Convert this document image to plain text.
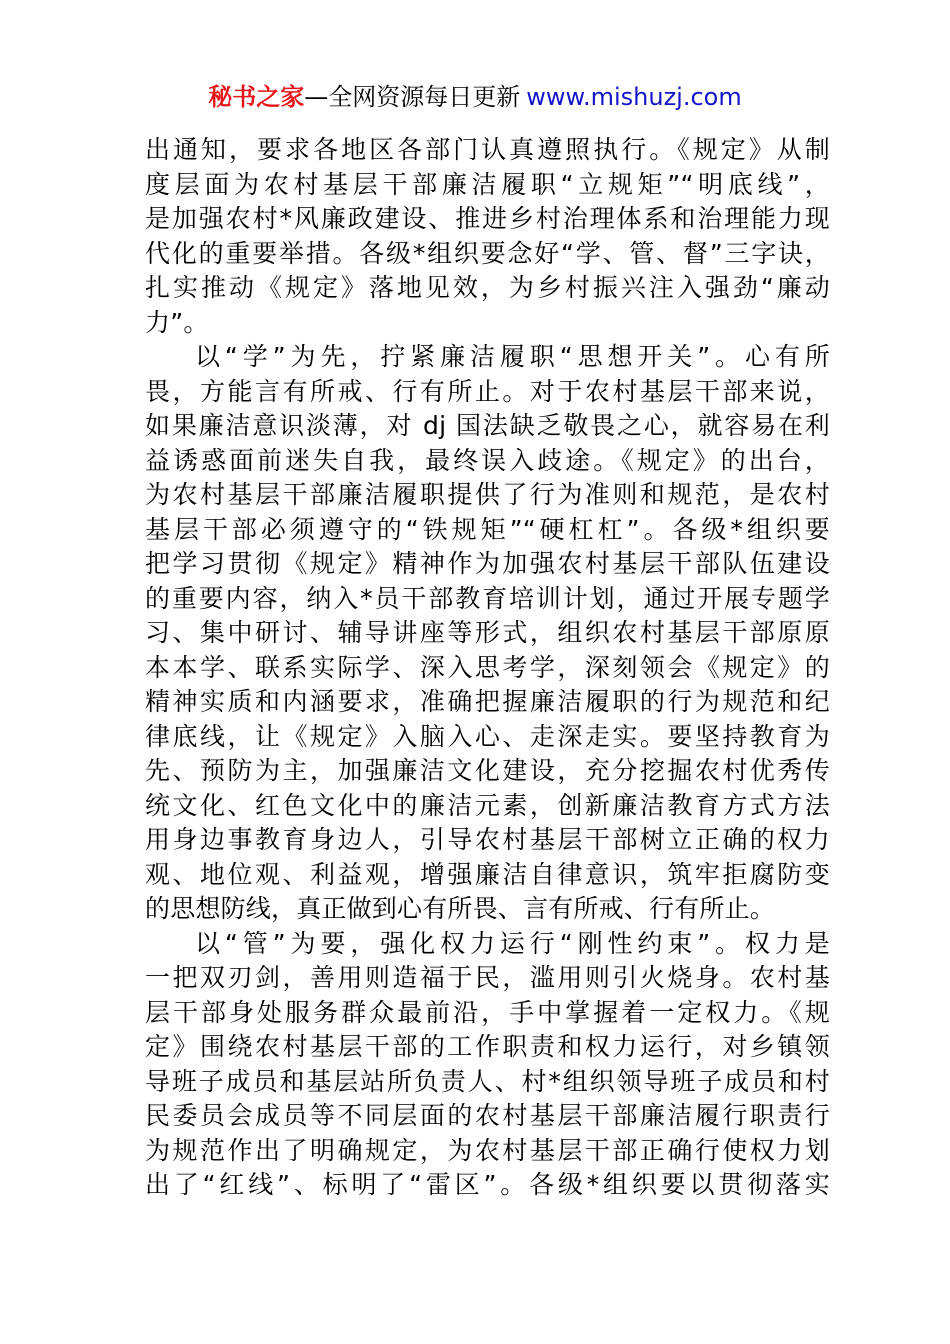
秘书之家—全网资源每日更新 www.mishuzj.com
出通知，要求各地区各部门认真遵照执行。《规定》从制
度层面为农村基层干部廉洁履职“立规矩”“明底线”，
是加强农村*风廉政建设、推进乡村治理体系和治理能力现
代化的重要举措。各级*组织要念好“学、管、督”三字诀，
扎实推动《规定》落地见效，为乡村振兴注入强劲“廉动
力”。
以“学”为先，拧紧廉洁履职“思想开关”。心有所
畏，方能言有所戒、行有所止。对于农村基层干部来说，
如果廉洁意识淡薄，对 dj 国法缺乏敬畏之心，就容易在利
益诱惑面前迷失自我，最终误入歧途。《规定》的出台，
为农村基层干部廉洁履职提供了行为准则和规范，是农村
基层干部必须遵守的“铁规矩”“硬杠杠”。各级*组织要
把学习贯彻《规定》精神作为加强农村基层干部队伍建设
的重要内容，纳入*员干部教育培训计划，通过开展专题学
习、集中研讨、辅导讲座等形式，组织农村基层干部原原
本本学、联系实际学、深入思考学，深刻领会《规定》的
精神实质和内涵要求，准确把握廉洁履职的行为规范和纪
律底线，让《规定》入脑入心、走深走实。要坚持教育为
先、预防为主，加强廉洁文化建设，充分挖掘农村优秀传
统文化、红色文化中的廉洁元素，创新廉洁教育方式方法
用身边事教育身边人，引导农村基层干部树立正确的权力
观、地位观、利益观，增强廉洁自律意识，筑牢拒腐防变
的思想防线，真正做到心有所畏、言有所戒、行有所止。
以“管”为要，强化权力运行“刚性约束”。权力是
一把双刃剑，善用则造福于民，滥用则引火烧身。农村基
层干部身处服务群众最前沿，手中掌握着一定权力。《规
定》围绕农村基层干部的工作职责和权力运行，对乡镇领
导班子成员和基层站所负责人、村*组织领导班子成员和村
民委员会成员等不同层面的农村基层干部廉洁履行职责行
为规范作出了明确规定，为农村基层干部正确行使权力划
出了“红线”、标明了“雷区”。各级*组织要以贯彻落实
